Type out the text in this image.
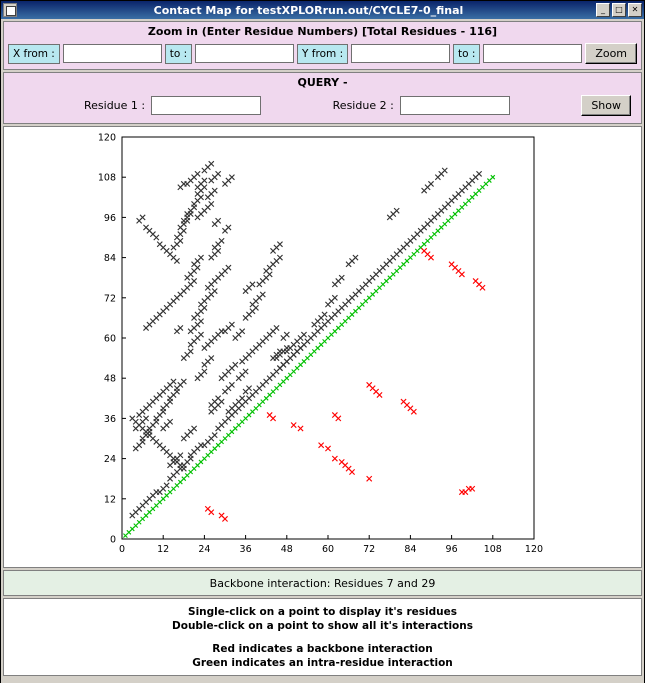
Contact Map for testXPLORrun.out/CYCLE7-0_final	_	□	✕
Zoom in (Enter Residue Numbers) [Total Residues - 116]
X from :	to :	Y from :	to :	Zoom
QUERY -
Residue 1 :	Residue 2 :	Show
0	12	24	36	48	60	72	84	96	108 120
0
12
24
36
48
60
72
84
96
108
120
Backbone interaction: Residues 7 and 29
Single-click on a point to display it's residues
Double-click on a point to show all it's interactions
Red indicates a backbone interaction
Green indicates an intra-residue interaction
